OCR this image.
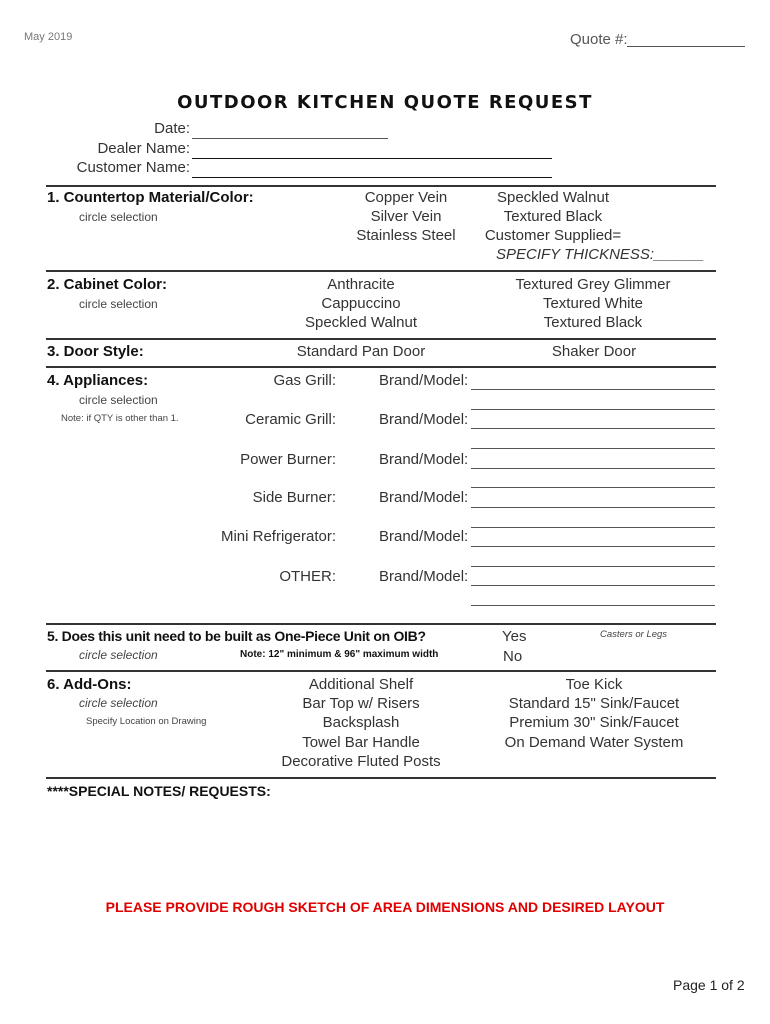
May 2019	Quote #:
OUTDOOR KITCHEN QUOTE REQUEST
Date:
Dealer Name:
Customer Name:
1. Countertop Material/Color:
circle selection
Copper Vein
Silver Vein
Stainless Steel
Speckled Walnut
Textured Black
Customer Supplied=
SPECIFY THICKNESS:______
2. Cabinet Color:
circle selection
Anthracite
Cappuccino
Speckled Walnut
Textured Grey Glimmer
Textured White
Textured Black
3. Door Style:	Standard Pan Door	Shaker Door
4. Appliances:
circle selection
Note: if QTY is other than 1.
Gas Grill:	Brand/Model:
Ceramic Grill:	Brand/Model:
Power Burner:	Brand/Model:
Side Burner:	Brand/Model:
Mini Refrigerator:	Brand/Model:
OTHER:	Brand/Model:
5. Does this unit need to be built as One-Piece Unit on OIB?
circle selection	Note: 12" minimum & 96" maximum width
Yes
No
Casters or Legs
6. Add-Ons:
circle selection
Specify Location on Drawing
Additional Shelf
Bar Top w/ Risers
Backsplash
Towel Bar Handle
Decorative Fluted Posts
Toe Kick
Standard 15" Sink/Faucet
Premium 30" Sink/Faucet
On Demand Water System
****SPECIAL NOTES/ REQUESTS:
PLEASE PROVIDE ROUGH SKETCH OF AREA DIMENSIONS AND DESIRED LAYOUT
Page 1 of 2
